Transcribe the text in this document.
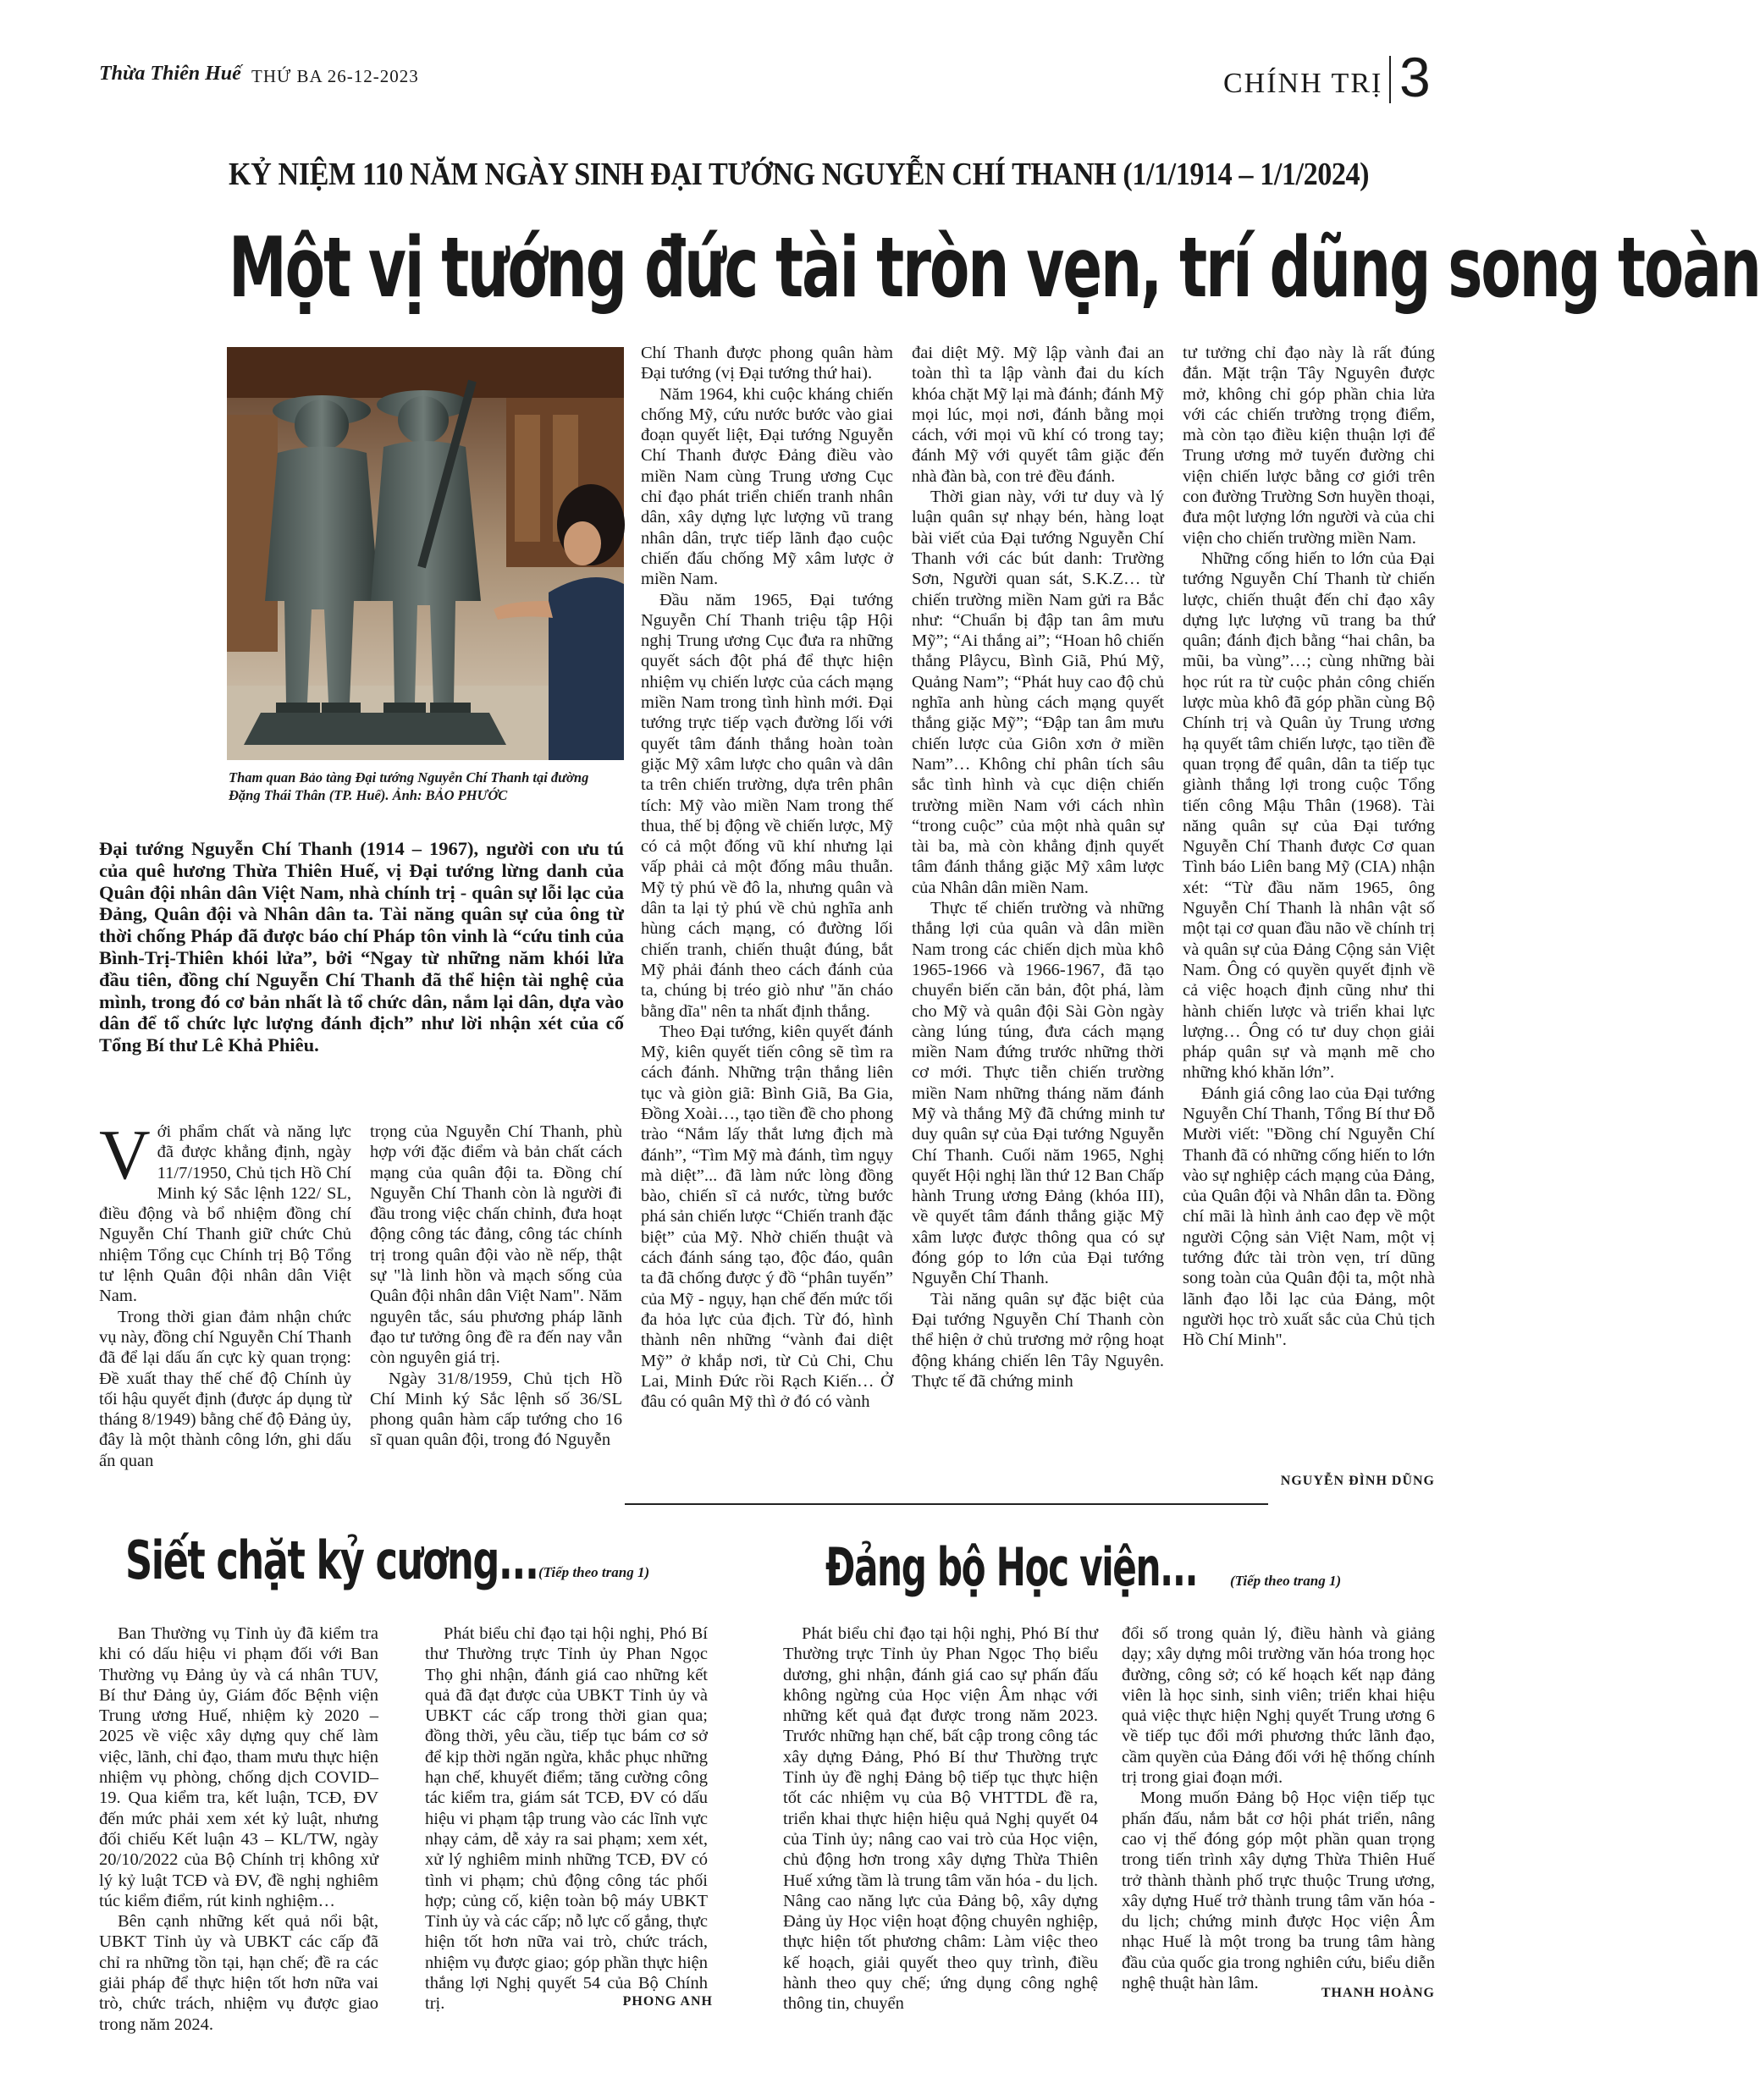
Thừa Thiên Huế THỨ BA 26-12-2023	CHÍNH TRỊ 3
KỶ NIỆM 110 NĂM NGÀY SINH ĐẠI TƯỚNG NGUYỄN CHÍ THANH (1/1/1914 – 1/1/2024)
Một vị tướng đức tài tròn vẹn, trí dũng song toàn
Tham quan Bảo tàng Đại tướng Nguyễn Chí Thanh tại đường Đặng Thái Thân (TP. Huế). Ảnh: BẢO PHƯỚC
Đại tướng Nguyễn Chí Thanh (1914 – 1967), người con ưu tú của quê hương Thừa Thiên Huế, vị Đại tướng lừng danh của Quân đội nhân dân Việt Nam, nhà chính trị - quân sự lỗi lạc của Đảng, Quân đội và Nhân dân ta. Tài năng quân sự của ông từ thời chống Pháp đã được báo chí Pháp tôn vinh là “cứu tinh của Bình-Trị-Thiên khói lửa”, bởi “Ngay từ những năm khói lửa đầu tiên, đồng chí Nguyễn Chí Thanh đã thể hiện tài nghệ của mình, trong đó cơ bản nhất là tổ chức dân, nắm lại dân, dựa vào dân để tổ chức lực lượng đánh địch” như lời nhận xét của cố Tổng Bí thư Lê Khả Phiêu.
V ới phẩm chất và năng lực đã được khẳng định, ngày 11/7/1950, Chủ tịch Hồ Chí Minh ký Sắc lệnh 122/ SL, điều động và bổ nhiệm đồng chí Nguyễn Chí Thanh giữ chức Chủ nhiệm Tổng cục Chính trị Bộ Tổng tư lệnh Quân đội nhân dân Việt Nam.

Trong thời gian đảm nhận chức vụ này, đồng chí Nguyễn Chí Thanh đã để lại dấu ấn cực kỳ quan trọng: Đề xuất thay thế chế độ Chính ủy tối hậu quyết định (được áp dụng từ tháng 8/1949) bằng chế độ Đảng ủy, đây là một thành công lớn, ghi dấu ấn quan

trọng của Nguyễn Chí Thanh, phù hợp với đặc điểm và bản chất cách mạng của quân đội ta. Đồng chí Nguyễn Chí Thanh còn là người đi đầu trong việc chấn chỉnh, đưa hoạt động công tác đảng, công tác chính trị trong quân đội vào nề nếp, thật sự "là linh hồn và mạch sống của Quân đội nhân dân Việt Nam". Năm nguyên tắc, sáu phương pháp lãnh đạo tư tưởng ông đề ra đến nay vẫn còn nguyên giá trị.

Ngày 31/8/1959, Chủ tịch Hồ Chí Minh ký Sắc lệnh số 36/SL phong quân hàm cấp tướng cho 16 sĩ quan quân đội, trong đó Nguyễn

Chí Thanh được phong quân hàm Đại tướng (vị Đại tướng thứ hai).

Năm 1964, khi cuộc kháng chiến chống Mỹ, cứu nước bước vào giai đoạn quyết liệt, Đại tướng Nguyễn Chí Thanh được Đảng điều vào miền Nam cùng Trung ương Cục chỉ đạo phát triển chiến tranh nhân dân, xây dựng lực lượng vũ trang nhân dân, trực tiếp lãnh đạo cuộc chiến đấu chống Mỹ xâm lược ở miền Nam.

Đầu năm 1965, Đại tướng Nguyễn Chí Thanh triệu tập Hội nghị Trung ương Cục đưa ra những quyết sách đột phá để thực hiện nhiệm vụ chiến lược của cách mạng miền Nam trong tình hình mới. Đại tướng trực tiếp vạch đường lối với quyết tâm đánh thắng hoàn toàn giặc Mỹ xâm lược cho quân và dân ta trên chiến trường, dựa trên phân tích: Mỹ vào miền Nam trong thế thua, thế bị động về chiến lược, Mỹ có cả một đống vũ khí nhưng lại vấp phải cả một đống mâu thuẫn. Mỹ tỷ phú về đô la, nhưng quân và dân ta lại tỷ phú về chủ nghĩa anh hùng cách mạng, có đường lối chiến tranh, chiến thuật đúng, bắt Mỹ phải đánh theo cách đánh của ta, chúng bị tréo giò như "ăn cháo bằng dĩa" nên ta nhất định thắng.

Theo Đại tướng, kiên quyết đánh Mỹ, kiên quyết tiến công sẽ tìm ra cách đánh. Những trận thắng liên tục và giòn giã: Bình Giã, Ba Gia, Đồng Xoài…, tạo tiền đề cho phong trào “Nắm lấy thắt lưng địch mà đánh”, “Tìm Mỹ mà đánh, tìm ngụy mà diệt”... đã làm nức lòng đồng bào, chiến sĩ cả nước, từng bước phá sản chiến lược “Chiến tranh đặc biệt” của Mỹ. Nhờ chiến thuật và cách đánh sáng tạo, độc đáo, quân ta đã chống được ý đồ “phân tuyến” của Mỹ - ngụy, hạn chế đến mức tối đa hỏa lực của địch. Từ đó, hình thành nên những “vành đai diệt Mỹ” ở khắp nơi, từ Củ Chi, Chu Lai, Minh Đức rồi Rạch Kiến… Ở đâu có quân Mỹ thì ở đó có vành

đai diệt Mỹ. Mỹ lập vành đai an toàn thì ta lập vành đai du kích khóa chặt Mỹ lại mà đánh; đánh Mỹ mọi lúc, mọi nơi, đánh bằng mọi cách, với mọi vũ khí có trong tay; đánh Mỹ với quyết tâm giặc đến nhà đàn bà, con trẻ đều đánh.

Thời gian này, với tư duy và lý luận quân sự nhạy bén, hàng loạt bài viết của Đại tướng Nguyễn Chí Thanh với các bút danh: Trường Sơn, Người quan sát, S.K.Z… từ chiến trường miền Nam gửi ra Bắc như: “Chuẩn bị đập tan âm mưu Mỹ”; “Ai thắng ai”; “Hoan hô chiến thắng Plâycu, Bình Giã, Phú Mỹ, Quảng Nam”; “Phát huy cao độ chủ nghĩa anh hùng cách mạng quyết thắng giặc Mỹ”; “Đập tan âm mưu chiến lược của Giôn xơn ở miền Nam”… Không chỉ phân tích sâu sắc tình hình và cục diện chiến trường miền Nam với cách nhìn “trong cuộc” của một nhà quân sự tài ba, mà còn khẳng định quyết tâm đánh thắng giặc Mỹ xâm lược của Nhân dân miền Nam.

Thực tế chiến trường và những thắng lợi của quân và dân miền Nam trong các chiến dịch mùa khô 1965-1966 và 1966-1967, đã tạo chuyển biến căn bản, đột phá, làm cho Mỹ và quân đội Sài Gòn ngày càng lúng túng, đưa cách mạng miền Nam đứng trước những thời cơ mới. Thực tiễn chiến trường miền Nam những tháng năm đánh Mỹ và thắng Mỹ đã chứng minh tư duy quân sự của Đại tướng Nguyễn Chí Thanh. Cuối năm 1965, Nghị quyết Hội nghị lần thứ 12 Ban Chấp hành Trung ương Đảng (khóa III), về quyết tâm đánh thắng giặc Mỹ xâm lược được thông qua có sự đóng góp to lớn của Đại tướng Nguyễn Chí Thanh.

Tài năng quân sự đặc biệt của Đại tướng Nguyễn Chí Thanh còn thể hiện ở chủ trương mở rộng hoạt động kháng chiến lên Tây Nguyên. Thực tế đã chứng minh

tư tưởng chỉ đạo này là rất đúng đắn. Mặt trận Tây Nguyên được mở, không chỉ góp phần chia lửa với các chiến trường trọng điểm, mà còn tạo điều kiện thuận lợi để Trung ương mở tuyến đường chi viện chiến lược bằng cơ giới trên con đường Trường Sơn huyền thoại, đưa một lượng lớn người và của chi viện cho chiến trường miền Nam.

Những cống hiến to lớn của Đại tướng Nguyễn Chí Thanh từ chiến lược, chiến thuật đến chỉ đạo xây dựng lực lượng vũ trang ba thứ quân; đánh địch bằng “hai chân, ba mũi, ba vùng”…; cùng những bài học rút ra từ cuộc phản công chiến lược mùa khô đã góp phần cùng Bộ Chính trị và Quân ủy Trung ương hạ quyết tâm chiến lược, tạo tiền đề quan trọng để quân, dân ta tiếp tục giành thắng lợi trong cuộc Tổng tiến công Mậu Thân (1968). Tài năng quân sự của Đại tướng Nguyễn Chí Thanh được Cơ quan Tình báo Liên bang Mỹ (CIA) nhận xét: “Từ đầu năm 1965, ông Nguyễn Chí Thanh là nhân vật số một tại cơ quan đầu não về chính trị và quân sự của Đảng Cộng sản Việt Nam. Ông có quyền quyết định về cả việc hoạch định cũng như thi hành chiến lược và triển khai lực lượng… Ông có tư duy chọn giải pháp quân sự và mạnh mẽ cho những khó khăn lớn”.

Đánh giá công lao của Đại tướng Nguyễn Chí Thanh, Tổng Bí thư Đỗ Mười viết: "Đồng chí Nguyễn Chí Thanh đã có những cống hiến to lớn vào sự nghiệp cách mạng của Đảng, của Quân đội và Nhân dân ta. Đồng chí mãi là hình ảnh cao đẹp về một người Cộng sản Việt Nam, một vị tướng đức tài tròn vẹn, trí dũng song toàn của Quân đội ta, một nhà lãnh đạo lỗi lạc của Đảng, một người học trò xuất sắc của Chủ tịch Hồ Chí Minh".

NGUYỄN ĐÌNH DŨNG
Siết chặt kỷ cương... (Tiếp theo trang 1)

Ban Thường vụ Tỉnh ủy đã kiểm tra khi có dấu hiệu vi phạm đối với Ban Thường vụ Đảng ủy và cá nhân TUV, Bí thư Đảng ủy, Giám đốc Bệnh viện Trung ương Huế, nhiệm kỳ 2020 – 2025 về việc xây dựng quy chế làm việc, lãnh, chỉ đạo, tham mưu thực hiện nhiệm vụ phòng, chống dịch COVID–19. Qua kiểm tra, kết luận, TCĐ, ĐV đến mức phải xem xét kỷ luật, nhưng đối chiếu Kết luận 43 – KL/TW, ngày 20/10/2022 của Bộ Chính trị không xử lý kỷ luật TCĐ và ĐV, đề nghị nghiêm túc kiểm điểm, rút kinh nghiệm…

Bên cạnh những kết quả nổi bật, UBKT Tỉnh ủy và UBKT các cấp đã chỉ ra những tồn tại, hạn chế; đề ra các giải pháp để thực hiện tốt hơn nữa vai trò, chức trách, nhiệm vụ được giao trong năm 2024.

Phát biểu chỉ đạo tại hội nghị, Phó Bí thư Thường trực Tỉnh ủy Phan Ngọc Thọ ghi nhận, đánh giá cao những kết quả đã đạt được của UBKT Tỉnh ủy và UBKT các cấp trong thời gian qua; đồng thời, yêu cầu, tiếp tục bám cơ sở để kịp thời ngăn ngừa, khắc phục những hạn chế, khuyết điểm; tăng cường công tác kiểm tra, giám sát TCĐ, ĐV có dấu hiệu vi phạm tập trung vào các lĩnh vực nhạy cảm, dễ xảy ra sai phạm; xem xét, xử lý nghiêm minh những TCĐ, ĐV có tình vi phạm; chủ động công tác phối hợp; củng cố, kiện toàn bộ máy UBKT Tỉnh ủy và các cấp; nỗ lực cố gắng, thực hiện tốt hơn nữa vai trò, chức trách, nhiệm vụ được giao; góp phần thực hiện thắng lợi Nghị quyết 54 của Bộ Chính trị.	PHONG ANH
Đảng bộ Học viện... (Tiếp theo trang 1)

Phát biểu chỉ đạo tại hội nghị, Phó Bí thư Thường trực Tỉnh ủy Phan Ngọc Thọ biểu dương, ghi nhận, đánh giá cao sự phấn đấu không ngừng của Học viện Âm nhạc với những kết quả đạt được trong năm 2023. Trước những hạn chế, bất cập trong công tác xây dựng Đảng, Phó Bí thư Thường trực Tỉnh ủy đề nghị Đảng bộ tiếp tục thực hiện tốt các nhiệm vụ của Bộ VHTTDL đề ra, triển khai thực hiện hiệu quả Nghị quyết 04 của Tỉnh ủy; nâng cao vai trò của Học viện, chủ động hơn trong xây dựng Thừa Thiên Huế xứng tầm là trung tâm văn hóa - du lịch. Nâng cao năng lực của Đảng bộ, xây dựng Đảng ủy Học viện hoạt động chuyên nghiệp, thực hiện tốt phương châm: Làm việc theo kế hoạch, giải quyết theo quy trình, điều hành theo quy chế; ứng dụng công nghệ thông tin, chuyển

đổi số trong quản lý, điều hành và giảng dạy; xây dựng môi trường văn hóa trong học đường, công sở; có kế hoạch kết nạp đảng viên là học sinh, sinh viên; triển khai hiệu quả việc thực hiện Nghị quyết Trung ương 6 về tiếp tục đổi mới phương thức lãnh đạo, cầm quyền của Đảng đối với hệ thống chính trị trong giai đoạn mới.

Mong muốn Đảng bộ Học viện tiếp tục phấn đấu, nắm bắt cơ hội phát triển, nâng cao vị thế đóng góp một phần quan trọng trong tiến trình xây dựng Thừa Thiên Huế trở thành thành phố trực thuộc Trung ương, xây dựng Huế trở thành trung tâm văn hóa - du lịch; chứng minh được Học viện Âm nhạc Huế là một trong ba trung tâm hàng đầu của quốc gia trong nghiên cứu, biểu diễn nghệ thuật hàn lâm.

THANH HOÀNG
